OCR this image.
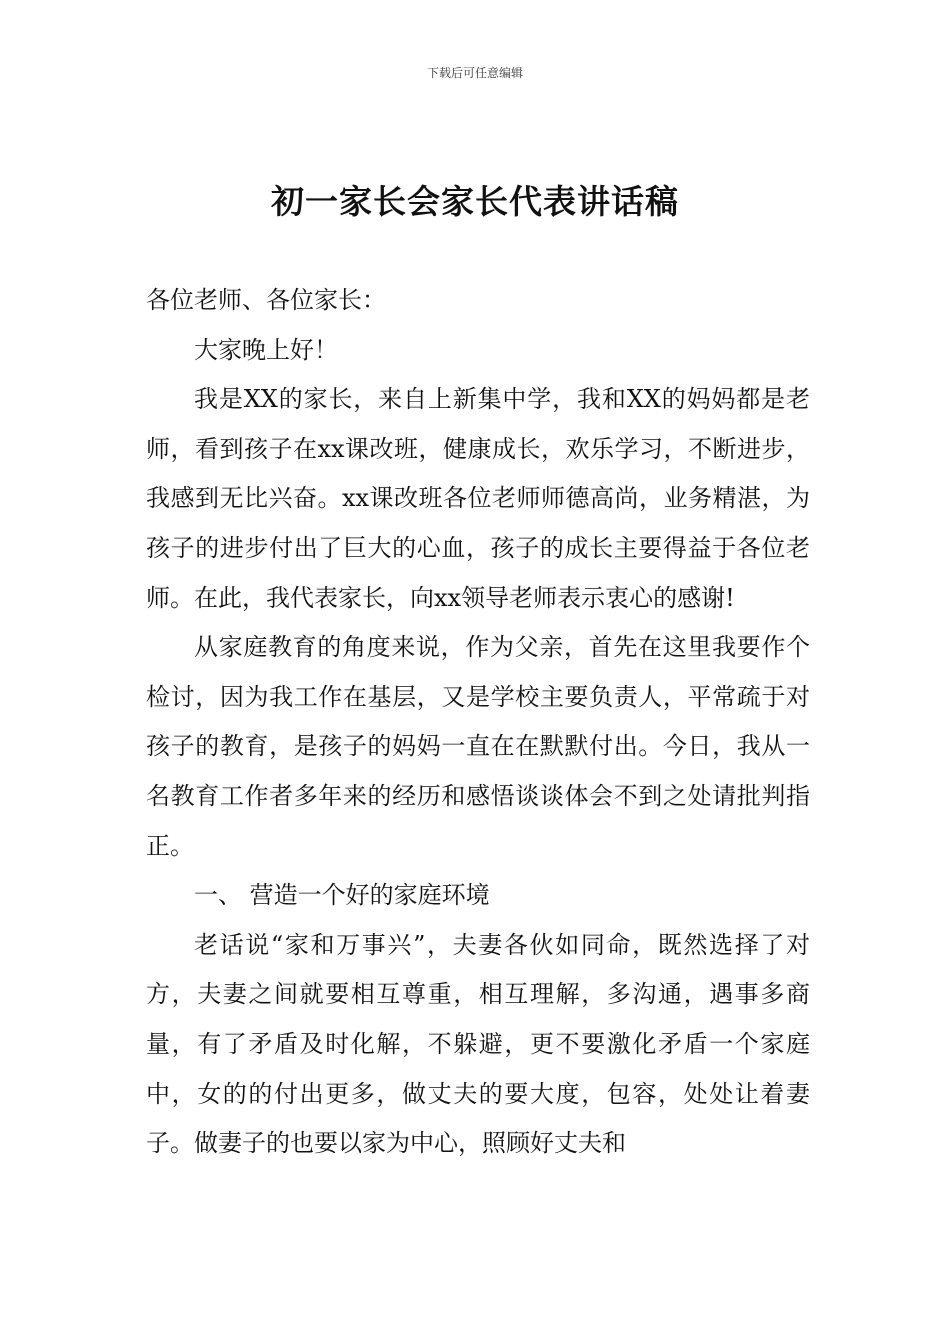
下载后可任意编辑
初一家长会家长代表讲话稿

各位老师、各位家长：

大家晚上好！

我是XX的家长，来自上新集中学，我和XX的妈妈都是老师，看到孩子在xx课改班，健康成长，欢乐学习，不断进步，我感到无比兴奋。xx课改班各位老师师德高尚，业务精湛，为孩子的进步付出了巨大的心血，孩子的成长主要得益于各位老师。在此，我代表家长，向xx领导老师表示衷心的感谢!

从家庭教育的角度来说，作为父亲，首先在这里我要作个检讨，因为我工作在基层，又是学校主要负责人，平常疏于对孩子的教育，是孩子的妈妈一直在在默默付出。今日，我从一名教育工作者多年来的经历和感悟谈谈体会不到之处请批判指正。

一、 营造一个好的家庭环境

老话说“家和万事兴”，夫妻各伙如同命，既然选择了对方，夫妻之间就要相互尊重，相互理解，多沟通，遇事多商量，有了矛盾及时化解，不躲避，更不要激化矛盾一个家庭中，女的的付出更多，做丈夫的要大度，包容，处处让着妻子。做妻子的也要以家为中心，照顾好丈夫和
